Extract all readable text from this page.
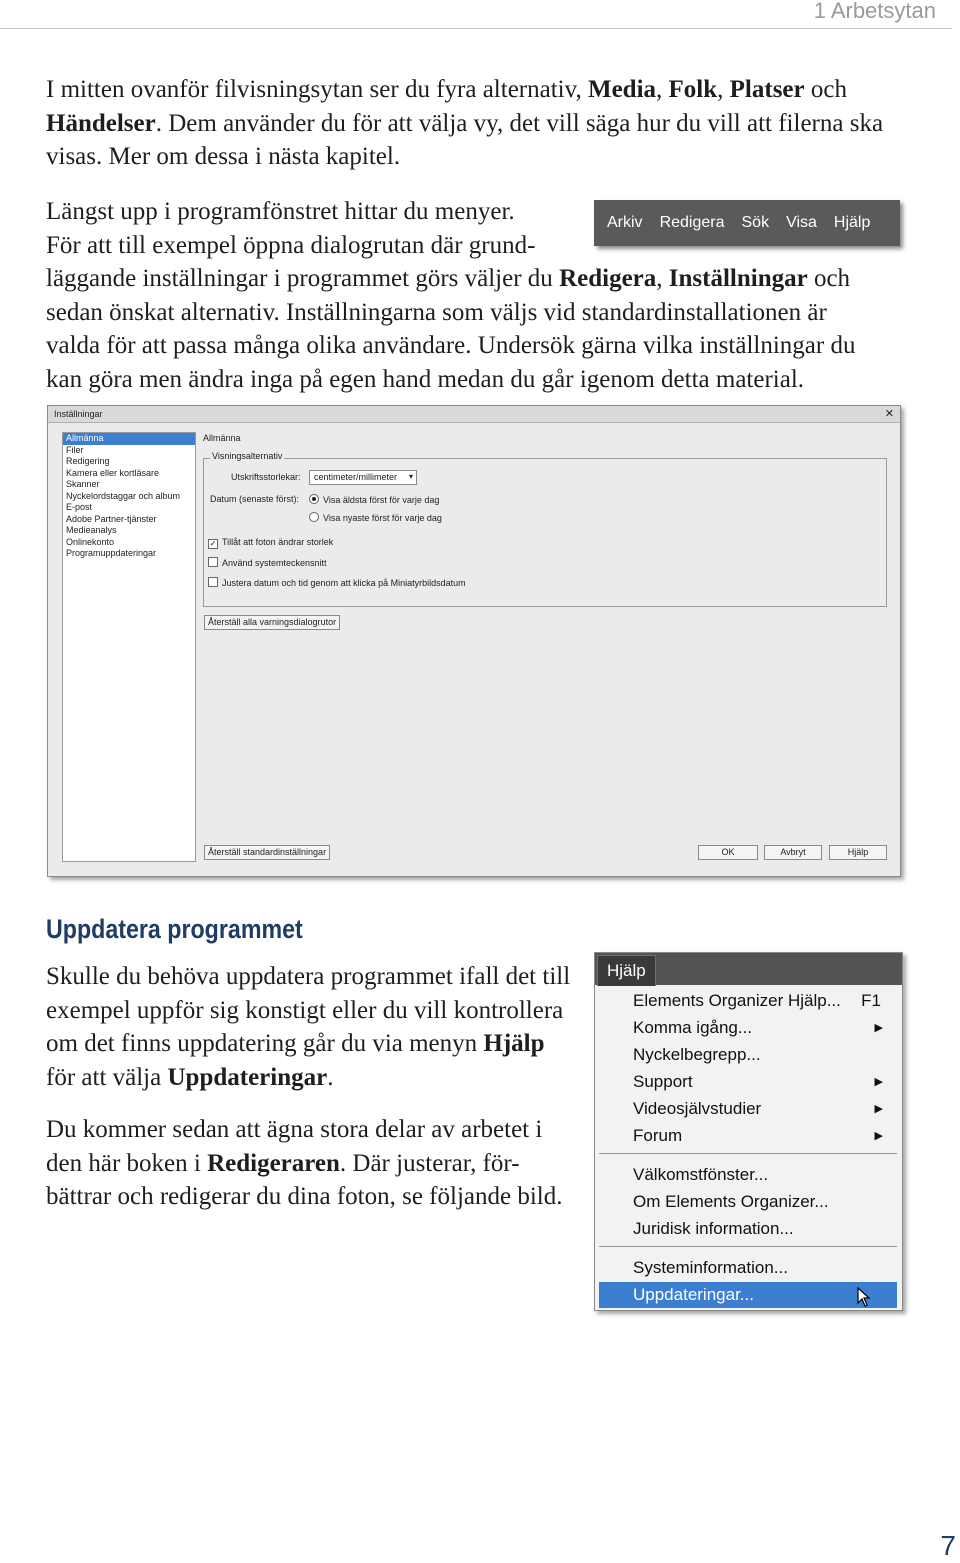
1 Arbetsytan

I mitten ovanför filvisningsytan ser du fyra alternativ, Media, Folk, Platser och Händelser. Dem använder du för att välja vy, det vill säga hur du vill att filerna ska visas. Mer om dessa i nästa kapitel.

Längst upp i programfönstret hittar du menyer.
För att till exempel öppna dialogrutan där grund-
läggande inställningar i programmet görs väljer du Redigera, Inställningar och sedan önskat alternativ. Inställningarna som väljs vid standardinstallationen är valda för att passa många olika användare. Undersök gärna vilka inställningar du kan göra men ändra inga på egen hand medan du går igenom detta material.

Arkiv Redigera Sök Visa Hjälp
Inställningar	✕
Allmänna
Filer
Redigering
Kamera eller kortläsare
Skanner
Nyckelordstaggar och album
E-post
Adobe Partner-tjänster
Medieanalys
Onlinekonto
Programuppdateringar
Allmänna
Visningsalternativ
Utskriftsstorlekar: centimeter/millimeter ▾
Datum (senaste först):	Visa äldsta först för varje dag
Visa nyaste först för varje dag
✓ Tillåt att foton ändrar storlek
Använd systemteckensnitt
Justera datum och tid genom att klicka på Miniatyrbildsdatum
Återställ alla varningsdialogrutor
Återställ standardinställningar	OK	Avbryt	Hjälp
Uppdatera programmet

Skulle du behöva uppdatera programmet ifall det till exempel uppför sig konstigt eller du vill kontrollera om det finns uppdatering går du via menyn Hjälp för att välja Uppdateringar.

Du kommer sedan att ägna stora delar av arbetet i den här boken i Redigeraren. Där justerar, för-bättrar och redigerar du dina foton, se följande bild.

Hjälp
Elements Organizer Hjälp... F1
Komma igång...	▶
Nyckelbegrepp...
Support	▶
Videosjälvstudier	▶
Forum	▶
Välkomstfönster...
Om Elements Organizer...
Juridisk information...
Systeminformation...
Uppdateringar...
7
